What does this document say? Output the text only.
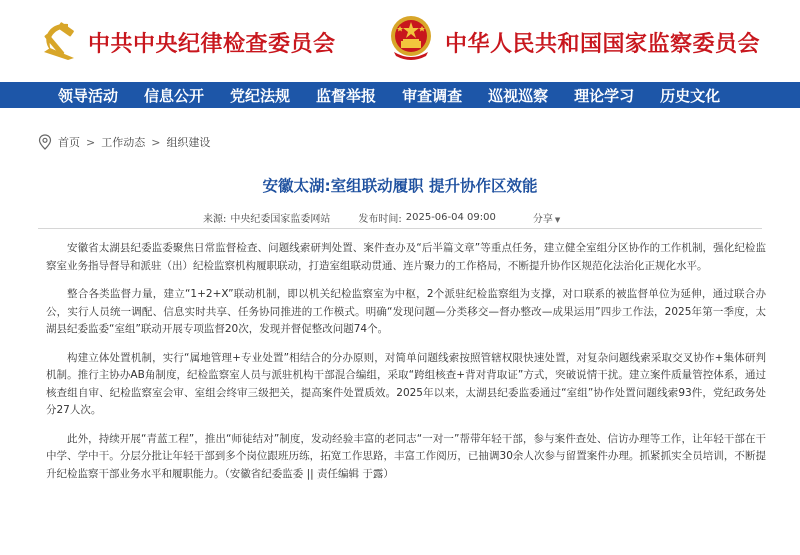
中共中央纪律检查委员会	中华人民共和国国家监察委员会
领导活动 信息公开 党纪法规 监督举报 审查调查 巡视巡察 理论学习 历史文化
首页 > 工作动态 > 组织建设
安徽太湖:室组联动履职 提升协作区效能
来源: 中央纪委国家监委网站	发布时间: 2025-06-04 09:00	分享 ▼

安徽省太湖县纪委监委聚焦日常监督检查、问题线索研判处置、案件查办及“后半篇文章”等重点任务，建立健全室组分区协作的工作机制，强化纪检监察室业务指导督导和派驻（出）纪检监察机构履职联动，打造室组联动贯通、连片聚力的工作格局，不断提升协作区规范化法治化正规化水平。

整合各类监督力量，建立“1+2+X”联动机制，即以机关纪检监察室为中枢，2个派驻纪检监察组为支撑，对口联系的被监督单位为延伸，通过联合办公，实行人员统一调配、信息实时共享、任务协同推进的工作模式。明确“发现问题—分类移交—督办整改—成果运用”四步工作法，2025年第一季度，太湖县纪委监委“室组”联动开展专项监督20次，发现并督促整改问题74个。

构建立体处置机制，实行“属地管理+专业处置”相结合的分办原则，对简单问题线索按照管辖权限快速处置，对复杂问题线索采取交叉协作+集体研判机制。推行主协办AB角制度，纪检监察室人员与派驻机构干部混合编组，采取“跨组核查+背对背取证”方式，突破说情干扰。建立案件质量管控体系，通过核查组自审、纪检监察室会审、室组会终审三级把关，提高案件处置质效。2025年以来，太湖县纪委监委通过“室组”协作处置问题线索93件，党纪政务处分27人次。

此外，持续开展“青蓝工程”，推出“师徒结对”制度，发动经验丰富的老同志“一对一”帮带年轻干部，参与案件查处、信访办理等工作，让年轻干部在干中学、学中干。分层分批让年轻干部到多个岗位跟班历练，拓宽工作思路，丰富工作阅历，已抽调30余人次参与留置案件办理。抓紧抓实全员培训，不断提升纪检监察干部业务水平和履职能力。（安徽省纪委监委 || 责任编辑 于露）
